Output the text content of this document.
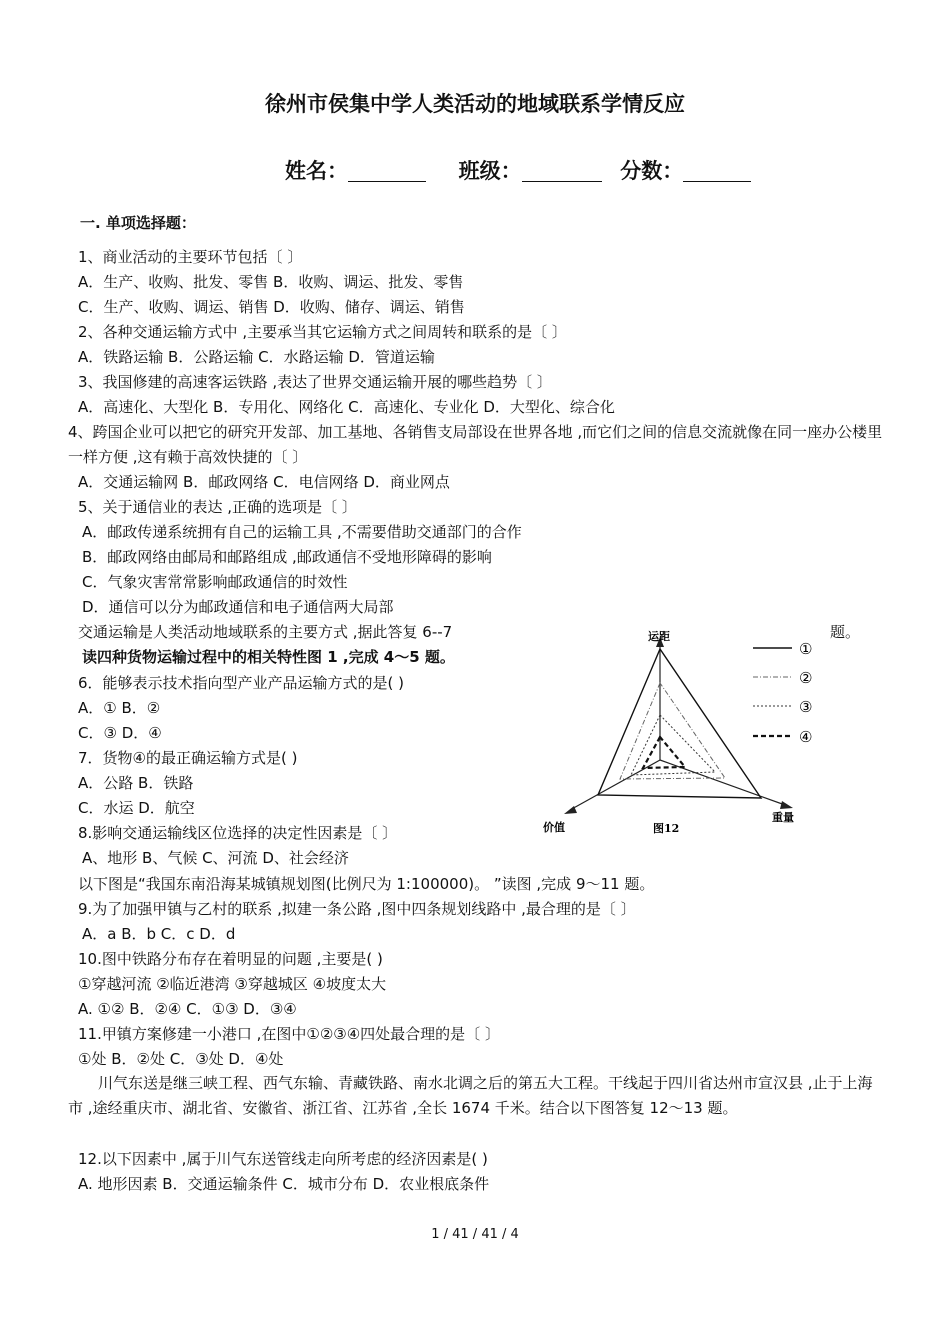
徐州市侯集中学人类活动的地域联系学情反应
姓名：	班级：	分数：
一. 单项选择题：
1、商业活动的主要环节包括〔 〕
A．生产、收购、批发、零售 B．收购、调运、批发、零售
C．生产、收购、调运、销售 D．收购、储存、调运、销售
2、各种交通运输方式中 ,主要承当其它运输方式之间周转和联系的是〔 〕
A．铁路运输 B．公路运输 C．水路运输 D．管道运输
3、我国修建的高速客运铁路 ,表达了世界交通运输开展的哪些趋势〔 〕
A．高速化、大型化 B．专用化、网络化 C．高速化、专业化 D．大型化、综合化
4、跨国企业可以把它的研究开发部、加工基地、各销售支局部设在世界各地 ,而它们之间的信息交流就像在同一座办公楼里一样方便 ,这有赖于高效快捷的〔 〕
A．交通运输网 B．邮政网络 C．电信网络 D．商业网点
5、关于通信业的表达 ,正确的选项是〔 〕
A．邮政传递系统拥有自己的运输工具 ,不需要借助交通部门的合作
B．邮政网络由邮局和邮路组成 ,邮政通信不受地形障碍的影响
C．气象灾害常常影响邮政通信的时效性
D．通信可以分为邮政通信和电子通信两大局部
交通运输是人类活动地域联系的主要方式 ,据此答复 6--7	题。
读四种货物运输过程中的相关特性图 1 ,完成 4～5 题。
6．能够表示技术指向型产业产品运输方式的是( )
A．① B．②
C．③ D．④
7．货物④的最正确运输方式是( )
A．公路 B．铁路
C．水运 D．航空
8.影响交通运输线区位选择的决定性因素是〔 〕
A、地形 B、气候 C、河流 D、社会经济
以下图是“我国东南沿海某城镇规划图(比例尺为 1:100000)。 ”读图 ,完成 9～11 题。
9.为了加强甲镇与乙村的联系 ,拟建一条公路 ,图中四条规划线路中 ,最合理的是〔 〕
A．a B．b C．c D．d
10.图中铁路分布存在着明显的问题 ,主要是( )
①穿越河流 ②临近港湾 ③穿越城区 ④坡度太大
A. ①② B．②④ C．①③ D．③④
11.甲镇方案修建一小港口 ,在图中①②③④四处最合理的是〔 〕
①处 B．②处 C．③处 D．④处
川气东送是继三峡工程、西气东输、青藏铁路、南水北调之后的第五大工程。干线起于四川省达州市宣汉县 ,止于上海市 ,途经重庆市、湖北省、安徽省、浙江省、江苏省 ,全长 1674 千米。结合以下图答复 12～13 题。
12.以下因素中 ,属于川气东送管线走向所考虑的经济因素是( )
A. 地形因素 B．交通运输条件 C．城市分布 D．农业根底条件
①
②
③
④
运距
价值
重量
图12
1 / 41 / 41 / 4
